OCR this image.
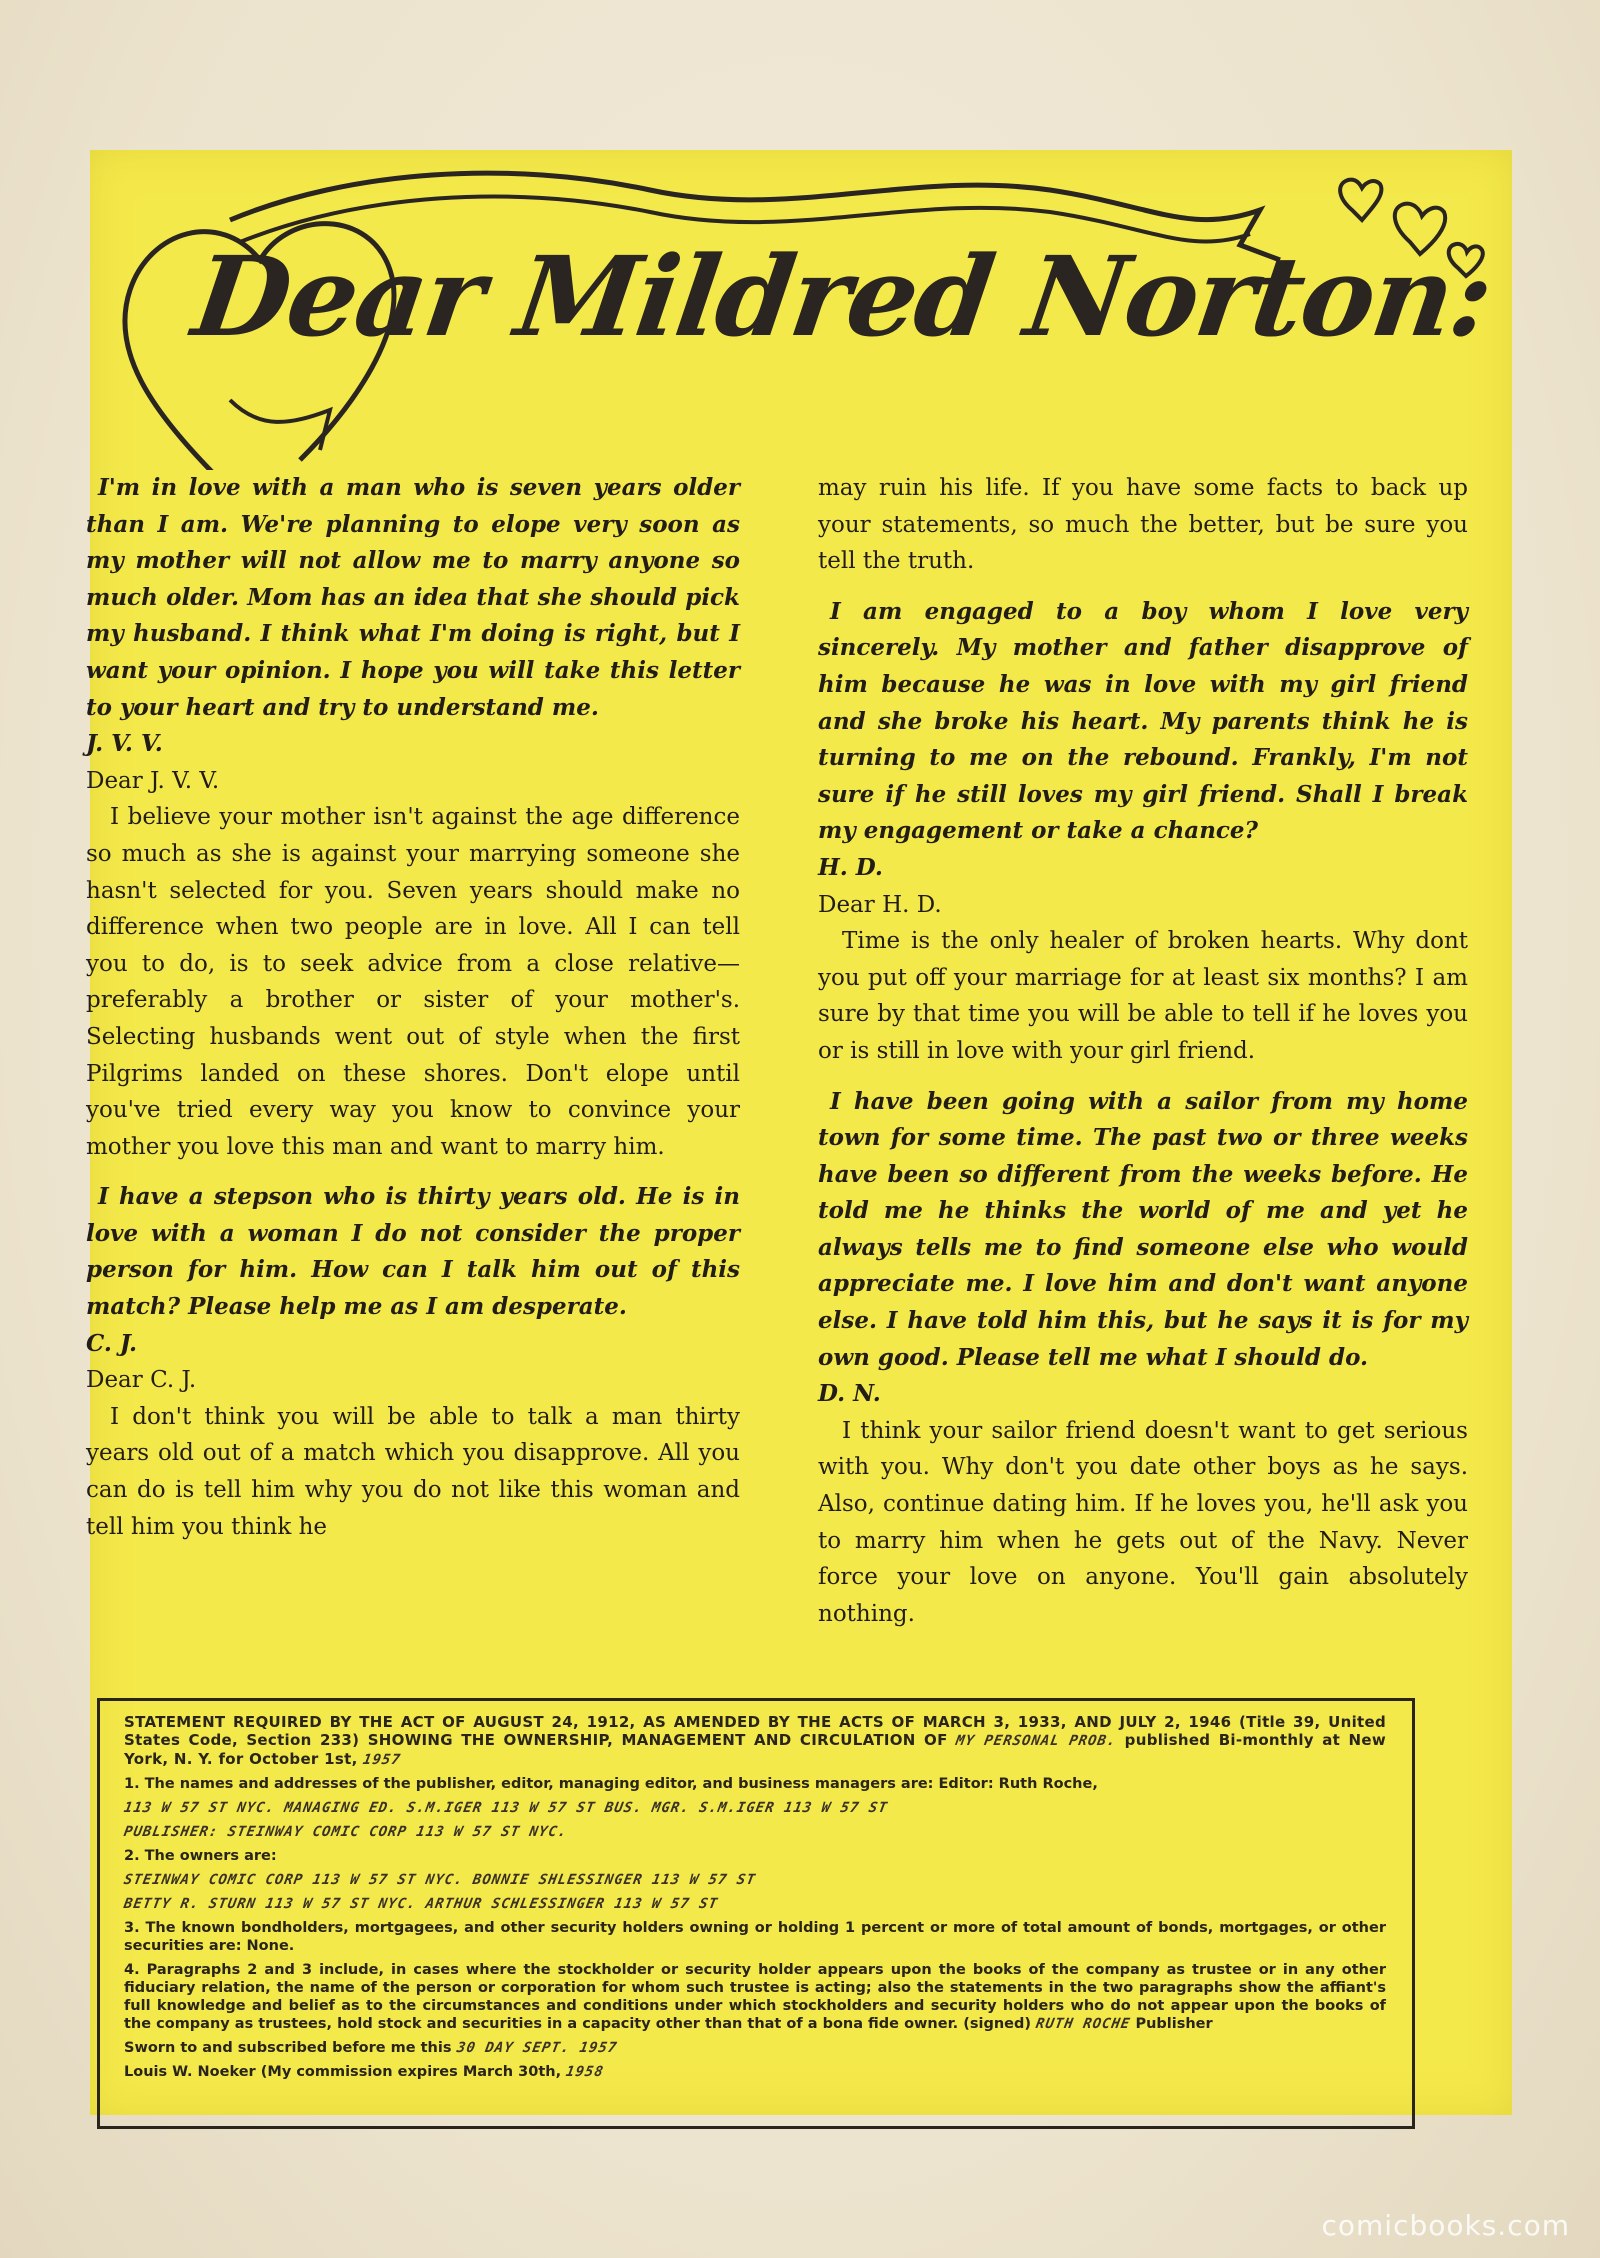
Dear Mildred Norton:

I'm in love with a man who is seven years older than I am. We're planning to elope very soon as my mother will not allow me to marry anyone so much older. Mom has an idea that she should pick my husband. I think what I'm doing is right, but I want your opinion. I hope you will take this letter to your heart and try to understand me.

J. V. V.

Dear J. V. V.

I believe your mother isn't against the age difference so much as she is against your marrying someone she hasn't selected for you. Seven years should make no difference when two people are in love. All I can tell you to do, is to seek advice from a close relative—preferably a brother or sister of your mother's. Selecting husbands went out of style when the first Pilgrims landed on these shores. Don't elope until you've tried every way you know to convince your mother you love this man and want to marry him.

I have a stepson who is thirty years old. He is in love with a woman I do not consider the proper person for him. How can I talk him out of this match? Please help me as I am desperate.

C. J.

Dear C. J.

I don't think you will be able to talk a man thirty years old out of a match which you disapprove. All you can do is tell him why you do not like this woman and tell him you think he

may ruin his life. If you have some facts to back up your statements, so much the better, but be sure you tell the truth.

I am engaged to a boy whom I love very sincerely. My mother and father disapprove of him because he was in love with my girl friend and she broke his heart. My parents think he is turning to me on the rebound. Frankly, I'm not sure if he still loves my girl friend. Shall I break my engagement or take a chance?

H. D.

Dear H. D.

Time is the only healer of broken hearts. Why dont you put off your marriage for at least six months? I am sure by that time you will be able to tell if he loves you or is still in love with your girl friend.

I have been going with a sailor from my home town for some time. The past two or three weeks have been so different from the weeks before. He told me he thinks the world of me and yet he always tells me to find someone else who would appreciate me. I love him and don't want anyone else. I have told him this, but he says it is for my own good. Please tell me what I should do.

D. N.

I think your sailor friend doesn't want to get serious with you. Why don't you date other boys as he says. Also, continue dating him. If he loves you, he'll ask you to marry him when he gets out of the Navy. Never force your love on anyone. You'll gain absolutely nothing.

STATEMENT REQUIRED BY THE ACT OF AUGUST 24, 1912, AS AMENDED BY THE ACTS OF MARCH 3, 1933, AND JULY 2, 1946 (Title 39, United States Code, Section 233) SHOWING THE OWNERSHIP, MANAGEMENT AND CIRCULATION OF MY PERSONAL PROB. published Bi-monthly at New York, N. Y. for October 1st, 1957

1. The names and addresses of the publisher, editor, managing editor, and business managers are: Editor: Ruth Roche,

113 W 57 ST NYC. MANAGING ED. S.M.IGER 113 W 57 ST BUS. MGR. S.M.IGER 113 W 57 ST

PUBLISHER: STEINWAY COMIC CORP 113 W 57 ST NYC.

2. The owners are:

STEINWAY COMIC CORP 113 W 57 ST NYC. BONNIE SHLESSINGER 113 W 57 ST

BETTY R. STURN 113 W 57 ST NYC. ARTHUR SCHLESSINGER 113 W 57 ST

3. The known bondholders, mortgagees, and other security holders owning or holding 1 percent or more of total amount of bonds, mortgages, or other securities are: None.

4. Paragraphs 2 and 3 include, in cases where the stockholder or security holder appears upon the books of the company as trustee or in any other fiduciary relation, the name of the person or corporation for whom such trustee is acting; also the statements in the two paragraphs show the affiant's full knowledge and belief as to the circumstances and conditions under which stockholders and security holders who do not appear upon the books of the company as trustees, hold stock and securities in a capacity other than that of a bona fide owner. (signed) RUTH ROCHE Publisher

Sworn to and subscribed before me this 30 DAY SEPT. 1957

Louis W. Noeker (My commission expires March 30th, 1958

comicbooks.com
